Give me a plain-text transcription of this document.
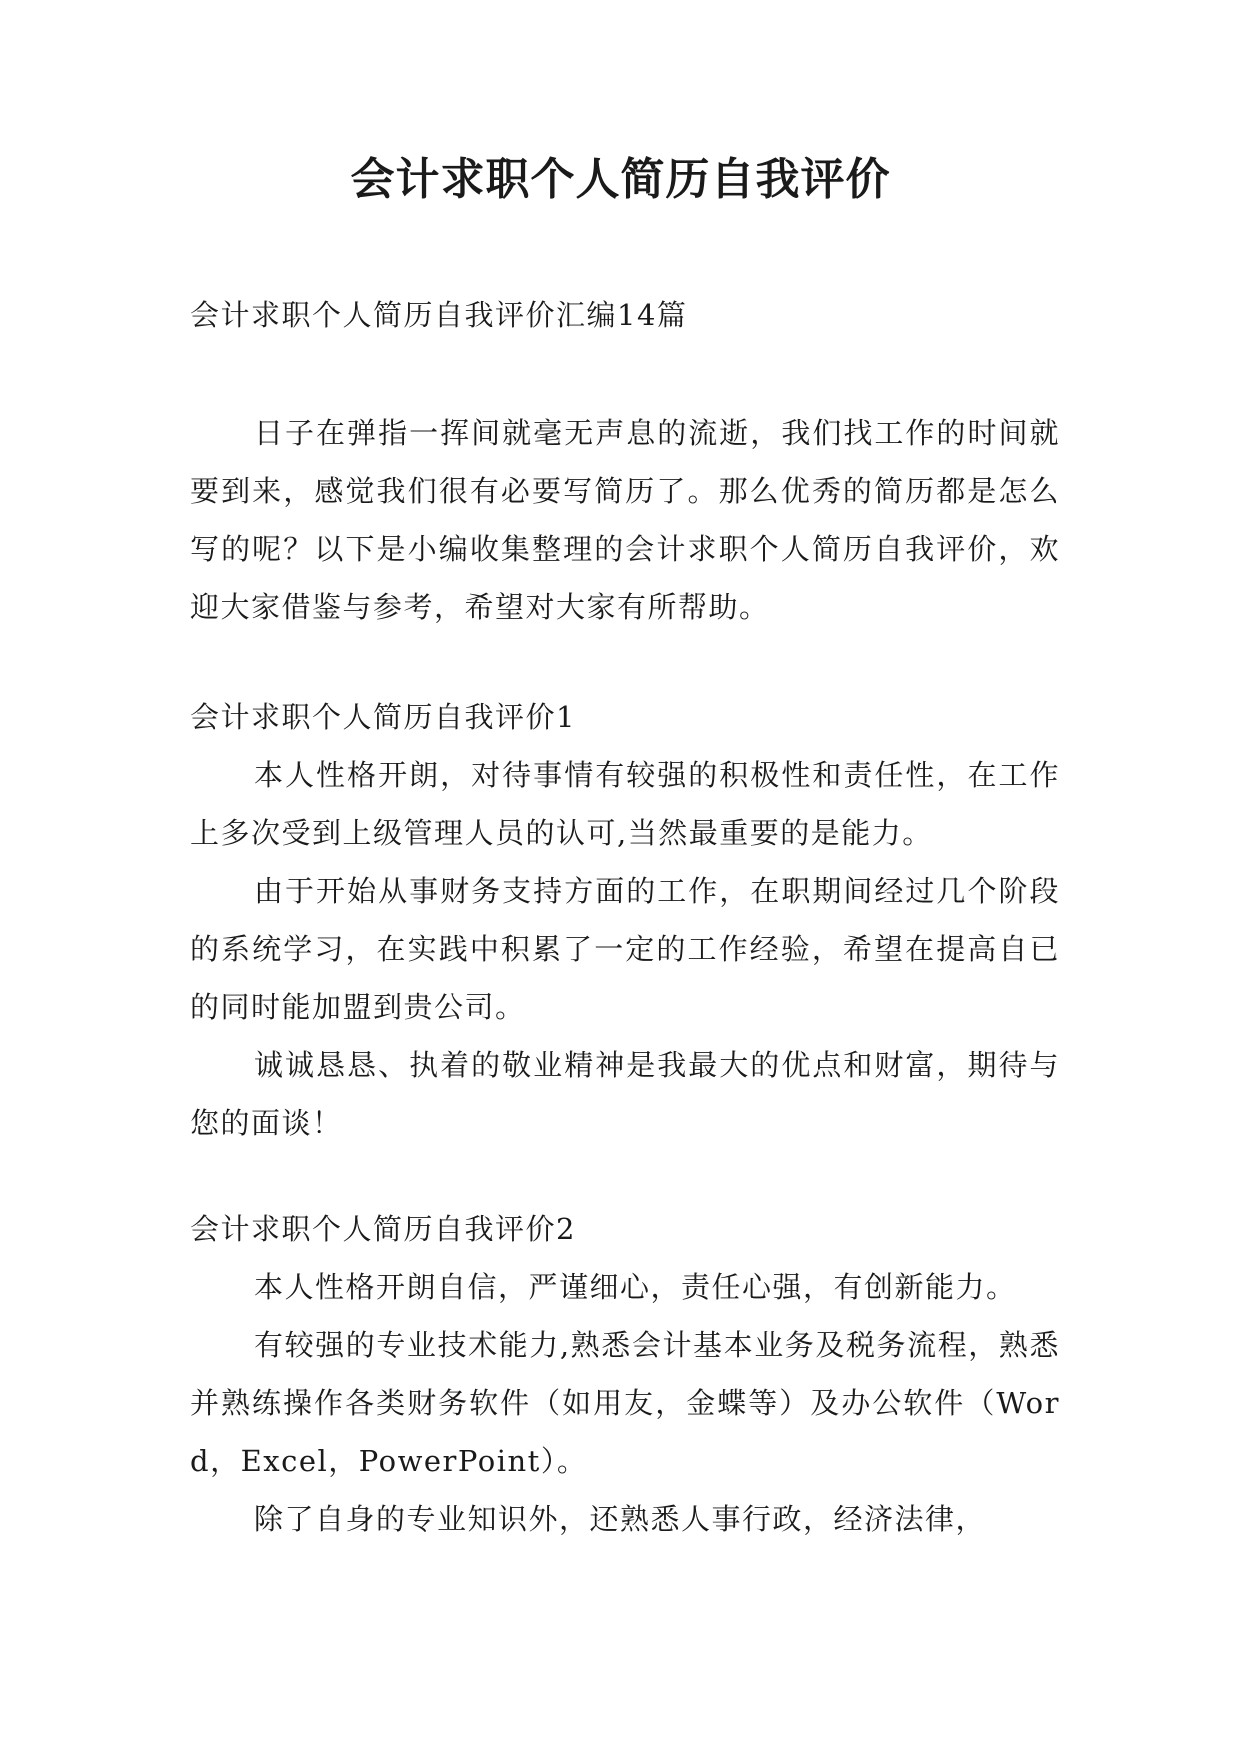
会计求职个人简历自我评价

会计求职个人简历自我评价汇编14篇

日子在弹指一挥间就毫无声息的流逝，我们找工作的时间就要到来，感觉我们很有必要写简历了。那么优秀的简历都是怎么写的呢？以下是小编收集整理的会计求职个人简历自我评价，欢迎大家借鉴与参考，希望对大家有所帮助。

会计求职个人简历自我评价1

本人性格开朗，对待事情有较强的积极性和责任性，在工作上多次受到上级管理人员的认可,当然最重要的是能力。

由于开始从事财务支持方面的工作，在职期间经过几个阶段的系统学习，在实践中积累了一定的工作经验，希望在提高自已的同时能加盟到贵公司。

诚诚恳恳、执着的敬业精神是我最大的优点和财富，期待与您的面谈！

会计求职个人简历自我评价2

本人性格开朗自信，严谨细心，责任心强，有创新能力。

有较强的专业技术能力,熟悉会计基本业务及税务流程，熟悉并熟练操作各类财务软件（如用友，金蝶等）及办公软件（Word，Excel，PowerPoint）。

除了自身的专业知识外，还熟悉人事行政，经济法律，
